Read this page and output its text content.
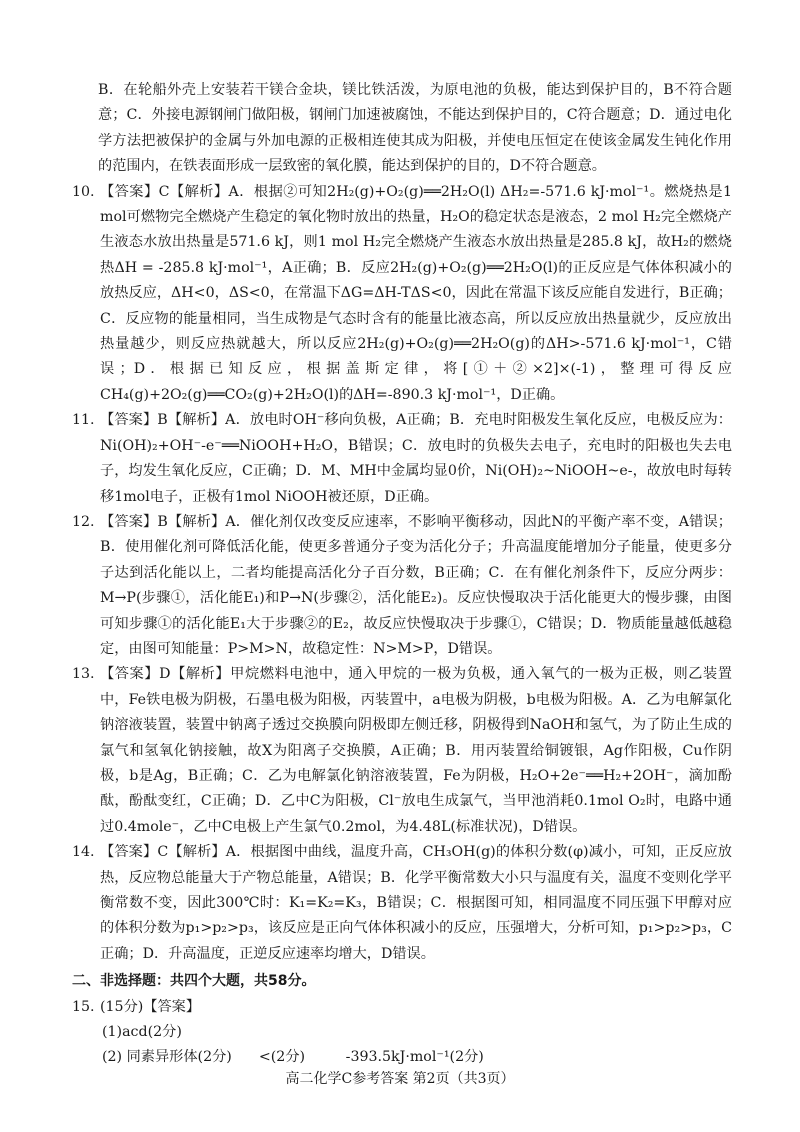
B．在轮船外壳上安装若干镁合金块，镁比铁活泼，为原电池的负极，能达到保护目的，B不符合题意；C．外接电源钢闸门做阳极，钢闸门加速被腐蚀，不能达到保护目的，C符合题意；D．通过电化学方法把被保护的金属与外加电源的正极相连使其成为阳极，并使电压恒定在使该金属发生钝化作用的范围内，在铁表面形成一层致密的氧化膜，能达到保护的目的，D不符合题意。

10. 【答案】C【解析】A．根据②可知2H₂(g)+O₂(g)══2H₂O(l) ΔH₂=-571.6 kJ·mol⁻¹。燃烧热是1 mol可燃物完全燃烧产生稳定的氧化物时放出的热量，H₂O的稳定状态是液态，2 mol H₂完全燃烧产生液态水放出热量是571.6 kJ，则1 mol H₂完全燃烧产生液态水放出热量是285.8 kJ，故H₂的燃烧热ΔH = -285.8 kJ·mol⁻¹，A正确；B．反应2H₂(g)+O₂(g)══2H₂O(l)的正反应是气体体积减小的放热反应，ΔH<0，ΔS<0，在常温下ΔG=ΔH-TΔS<0，因此在常温下该反应能自发进行，B正确；C．反应物的能量相同，当生成物是气态时含有的能量比液态高，所以反应放出热量就少，反应放出热量越少，则反应热就越大，所以反应2H₂(g)+O₂(g)══2H₂O(g)的ΔH>-571.6 kJ·mol⁻¹，C错误；D．根据已知反应，根据盖斯定律，将[①＋②×2]×(-1)，整理可得反应CH₄(g)+2O₂(g)══CO₂(g)+2H₂O(l)的ΔH=-890.3 kJ·mol⁻¹，D正确。
11. 【答案】B【解析】A．放电时OH⁻移向负极，A正确；B．充电时阳极发生氧化反应，电极反应为：Ni(OH)₂+OH⁻-e⁻══NiOOH+H₂O，B错误；C．放电时的负极失去电子，充电时的阳极也失去电子，均发生氧化反应，C正确；D．M、MH中金属均显0价，Ni(OH)₂~NiOOH~e-，故放电时每转移1mol电子，正极有1mol NiOOH被还原，D正确。
12. 【答案】B【解析】A．催化剂仅改变反应速率，不影响平衡移动，因此N的平衡产率不变，A错误；B．使用催化剂可降低活化能，使更多普通分子变为活化分子；升高温度能增加分子能量，使更多分子达到活化能以上，二者均能提高活化分子百分数，B正确；C．在有催化剂条件下，反应分两步：M→P(步骤①，活化能E₁)和P→N(步骤②，活化能E₂)。反应快慢取决于活化能更大的慢步骤，由图可知步骤①的活化能E₁大于步骤②的E₂，故反应快慢取决于步骤①，C错误；D．物质能量越低越稳定，由图可知能量：P>M>N，故稳定性：N>M>P，D错误。
13. 【答案】D【解析】甲烷燃料电池中，通入甲烷的一极为负极，通入氧气的一极为正极，则乙装置中，Fe铁电极为阴极，石墨电极为阳极，丙装置中，a电极为阴极，b电极为阳极。A．乙为电解氯化钠溶液装置，装置中钠离子透过交换膜向阴极即左侧迁移，阴极得到NaOH和氢气，为了防止生成的氯气和氢氧化钠接触，故X为阳离子交换膜，A正确；B．用丙装置给铜镀银，Ag作阳极，Cu作阴极，b是Ag，B正确；C．乙为电解氯化钠溶液装置，Fe为阴极，H₂O+2e⁻══H₂+2OH⁻，滴加酚酞，酚酞变红，C正确；D．乙中C为阳极，Cl⁻放电生成氯气，当甲池消耗0.1mol O₂时，电路中通过0.4mole⁻，乙中C电极上产生氯气0.2mol，为4.48L(标准状况)，D错误。
14. 【答案】C【解析】A．根据图中曲线，温度升高，CH₃OH(g)的体积分数(φ)减小，可知，正反应放热，反应物总能量大于产物总能量，A错误；B．化学平衡常数大小只与温度有关，温度不变则化学平衡常数不变，因此300℃时：K₁=K₂=K₃，B错误；C．根据图可知，相同温度不同压强下甲醇对应的体积分数为p₁>p₂>p₃，该反应是正向气体体积减小的反应，压强增大，分析可知，p₁>p₂>p₃，C正确；D．升高温度，正逆反应速率均增大，D错误。
二、非选择题：共四个大题，共58分。
15. (15分)【答案】
(1)acd(2分)
(2) 同素异形体(2分)      <(2分)         -393.5kJ·mol⁻¹(2分)
高二化学C参考答案 第2页（共3页）
